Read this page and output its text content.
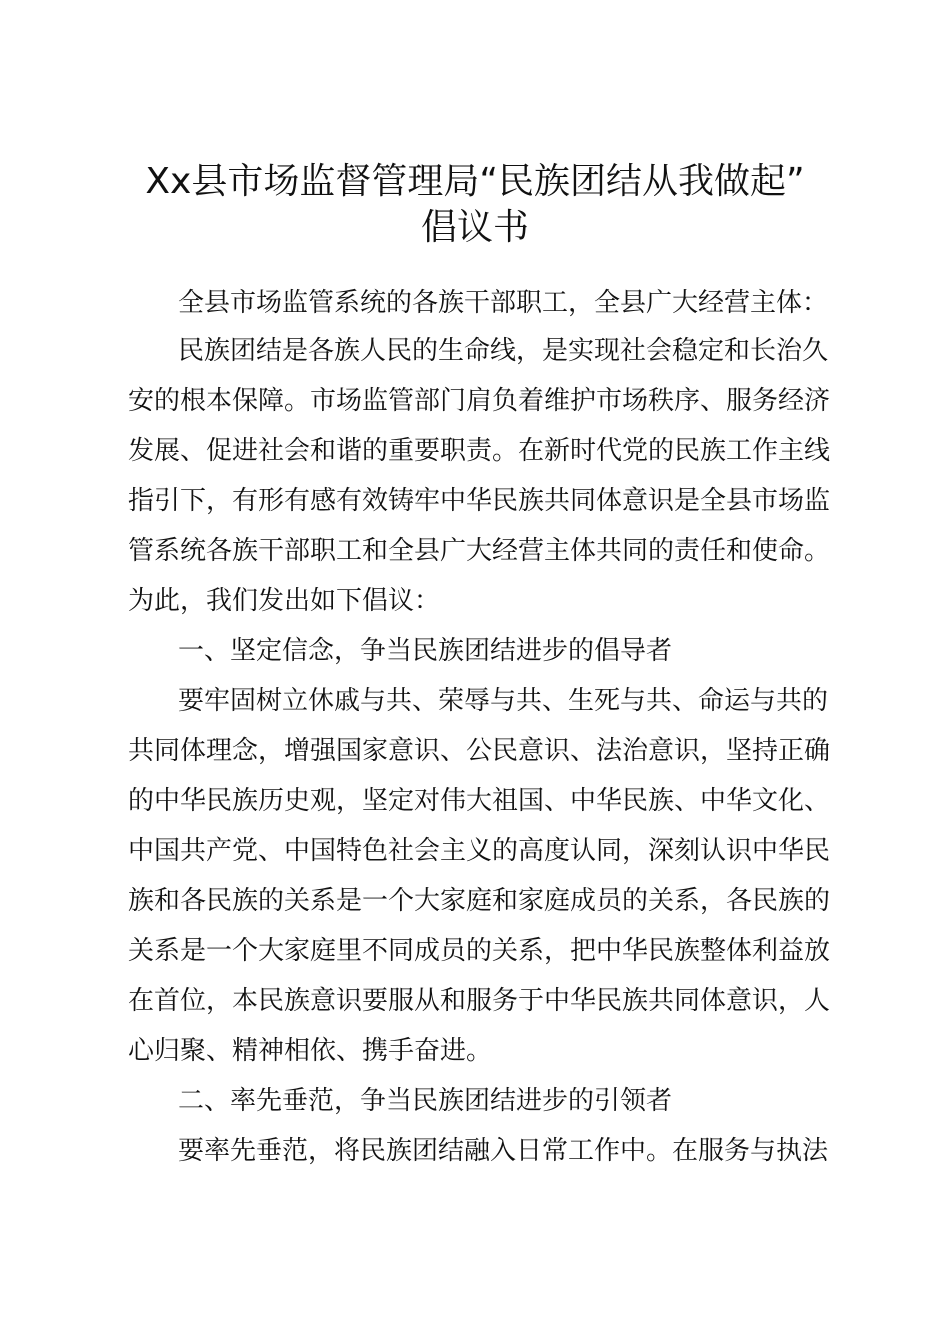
Xx县市场监督管理局“民族团结从我做起”
倡议书
全县市场监管系统的各族干部职工，全县广大经营主体：
民族团结是各族人民的生命线，是实现社会稳定和长治久
安的根本保障。市场监管部门肩负着维护市场秩序、服务经济
发展、促进社会和谐的重要职责。在新时代党的民族工作主线
指引下，有形有感有效铸牢中华民族共同体意识是全县市场监
管系统各族干部职工和全县广大经营主体共同的责任和使命。
为此，我们发出如下倡议：
一、坚定信念，争当民族团结进步的倡导者
要牢固树立休戚与共、荣辱与共、生死与共、命运与共的
共同体理念，增强国家意识、公民意识、法治意识，坚持正确
的中华民族历史观，坚定对伟大祖国、中华民族、中华文化、
中国共产党、中国特色社会主义的高度认同，深刻认识中华民
族和各民族的关系是一个大家庭和家庭成员的关系，各民族的
关系是一个大家庭里不同成员的关系，把中华民族整体利益放
在首位，本民族意识要服从和服务于中华民族共同体意识，人
心归聚、精神相依、携手奋进。
二、率先垂范，争当民族团结进步的引领者
要率先垂范，将民族团结融入日常工作中。在服务与执法
